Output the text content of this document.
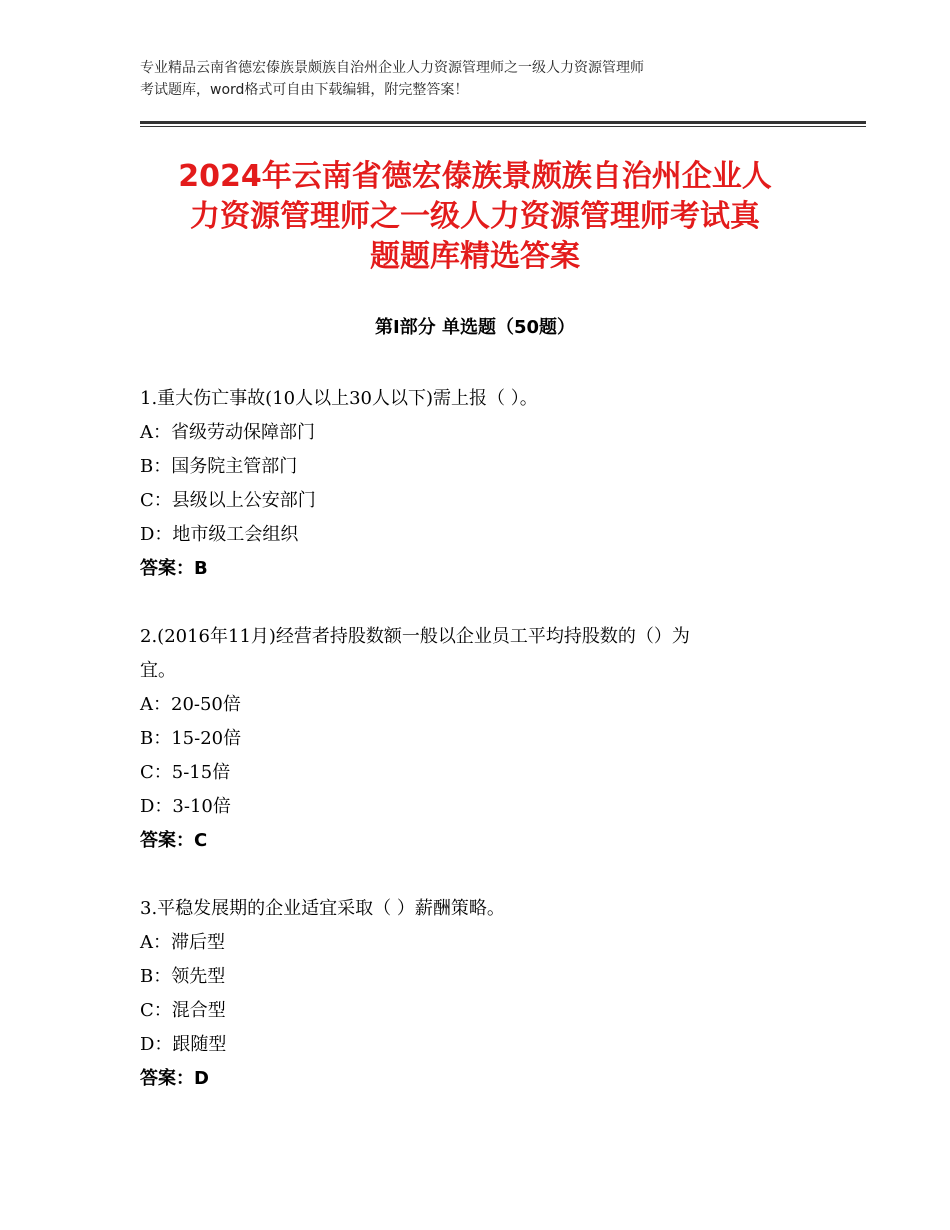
专业精品云南省德宏傣族景颇族自治州企业人力资源管理师之一级人力资源管理师
考试题库，word格式可自由下载编辑，附完整答案！
2024年云南省德宏傣族景颇族自治州企业人
力资源管理师之一级人力资源管理师考试真
题题库精选答案
第Ⅰ部分 单选题（50题）
1.重大伤亡事故(10人以上30人以下)需上报（ ）。
A：省级劳动保障部门
B：国务院主管部门
C：县级以上公安部门
D：地市级工会组织
答案：B
2.(2016年11月)经营者持股数额一般以企业员工平均持股数的（）为
宜。
A：20-50倍
B：15-20倍
C：5-15倍
D：3-10倍
答案：C
3.平稳发展期的企业适宜采取（ ）薪酬策略。
A：滞后型
B：领先型
C：混合型
D：跟随型
答案：D
